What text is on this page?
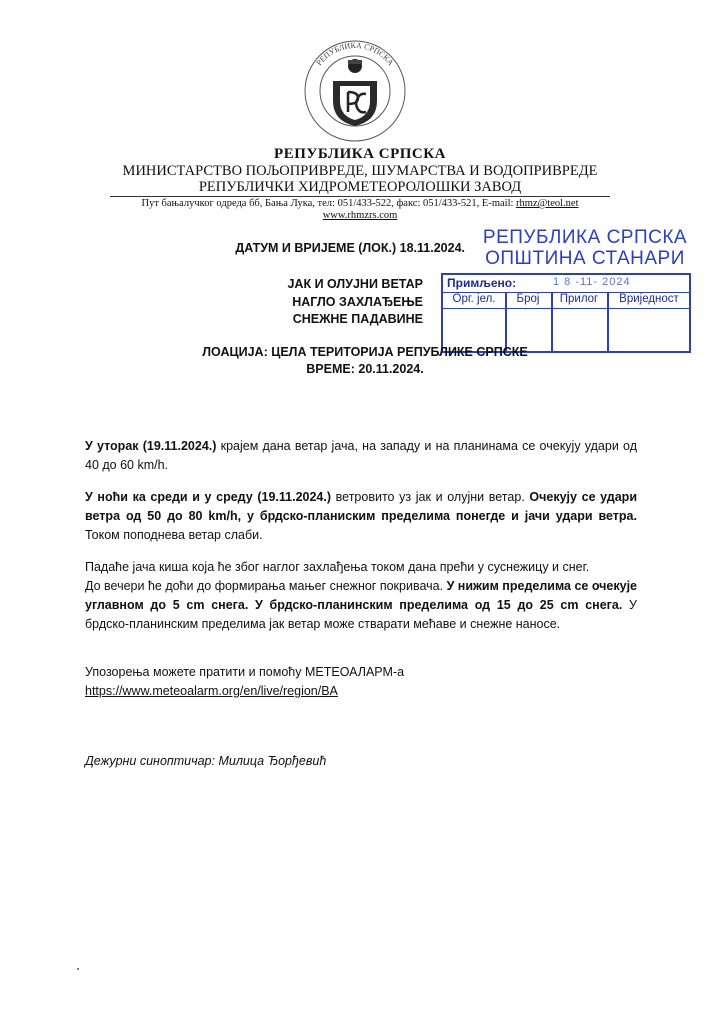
РЕПУБЛИКА СРПСКА
РЕПУБЛИКА СРПСКА
МИНИСТАРСТВО ПОЉОПРИВРЕДЕ, ШУМАРСТВА И ВОДОПРИВРЕДЕ
РЕПУБЛИЧКИ ХИДРОМЕТЕОРОЛОШКИ ЗАВОД
Пут бањалучког одреда бб, Бања Лука, тел: 051/433-522, факс: 051/433-521, E-mail: rhmz@teol.net
www.rhmzrs.com
РЕПУБЛИКА СРПСКА
ОПШТИНА СТАНАРИ
Примљено:	1 8 -11- 2024
Орг. јел.	Број	Прилог	Вриједност
ДАТУМ И ВРИЈЕМЕ (ЛОК.) 18.11.2024.
ЈАК И ОЛУЈНИ ВЕТАР
НАГЛО ЗАХЛАЂЕЊЕ
СНЕЖНЕ ПАДАВИНЕ
ЛОАЦИЈА: ЦЕЛА ТЕРИТОРИЈА РЕПУБЛИКЕ СРПСКЕ
ВРЕМЕ: 20.11.2024.
У уторак (19.11.2024.) крајем дана ветар јача, на западу и на планинама се очекују удари од 40 до 60 km/h.
У ноћи ка среди и у среду (19.11.2024.) ветровито уз јак и олујни ветар. Очекују се удари ветра од 50 до 80 km/h, у брдско-планиским пределима понегде и јачи удари ветра. Током поподнева ветар слаби.
Падаће јача киша која ће због наглог захлађења током дана прећи у суснежицу и снег.
До вечери ће доћи до формирања мањег снежног покривача. У нижим пределима се очекује углавном до 5 cm снега. У брдско-планинским пределима од 15 до 25 cm снега. У брдско-планинским пределима јак ветар може стварати мећаве и снежне наносе.
Упозорења можете пратити и помоћу МЕТЕОАЛАРМ-а
https://www.meteoalarm.org/en/live/region/BA
Дежурни синоптичар: Милица Ђорђевић
